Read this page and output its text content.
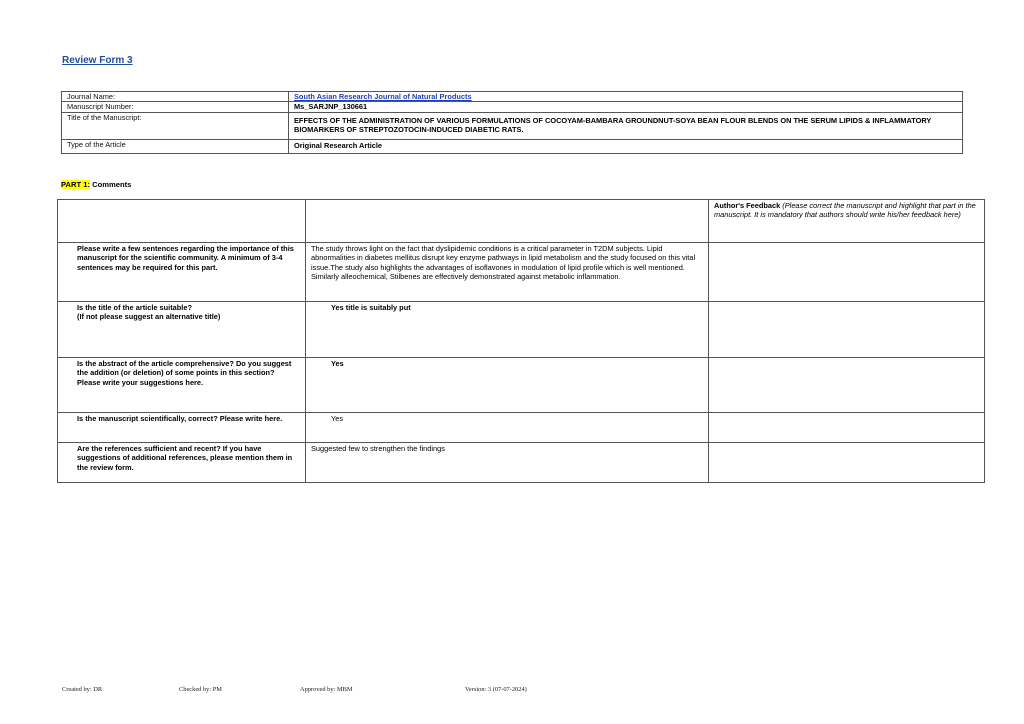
Review Form 3
Journal Name:	South Asian Research Journal of Natural Products
Manuscript Number:	Ms_SARJNP_130661
Title of the Manuscript:	EFFECTS OF THE ADMINISTRATION OF VARIOUS FORMULATIONS OF COCOYAM-BAMBARA GROUNDNUT-SOYA BEAN FLOUR BLENDS ON THE SERUM LIPIDS & INFLAMMATORY BIOMARKERS OF STREPTOZOTOCIN-INDUCED DIABETIC RATS.
Type of the Article	Original Research Article
PART 1: Comments
		Author's Feedback (Please correct the manuscript and highlight that part in the manuscript. It is mandatory that authors should write his/her feedback here)
Please write a few sentences regarding the importance of this manuscript for the scientific community. A minimum of 3-4 sentences may be required for this part.	The study throws light on the fact that dyslipidemic conditions is a critical parameter in T2DM subjects. Lipid abnormalities in diabetes mellitus disrupt key enzyme pathways in lipid metabolism and the study focused on this vital issue.The study also highlights the advantages of isoflavones in modulation of lipid profile which is well mentioned. Similarly alleochemical, Stilbenes are effectively demonstrated against metabolic inflammation.	
Is the title of the article suitable?
(If not please suggest an alternative title)	Yes title is suitably put	

Is the abstract of the article comprehensive? Do you suggest the addition (or deletion) of some points in this section? Please write your suggestions here.	Yes	

Is the manuscript scientifically, correct? Please write here.	Yes	

Are the references sufficient and recent? If you have suggestions of additional references, please mention them in the review form.	Suggested few to strengthen the findings	
Created by: DR	Checked by: PM	Approved by: MBM	Version: 3 (07-07-2024)
